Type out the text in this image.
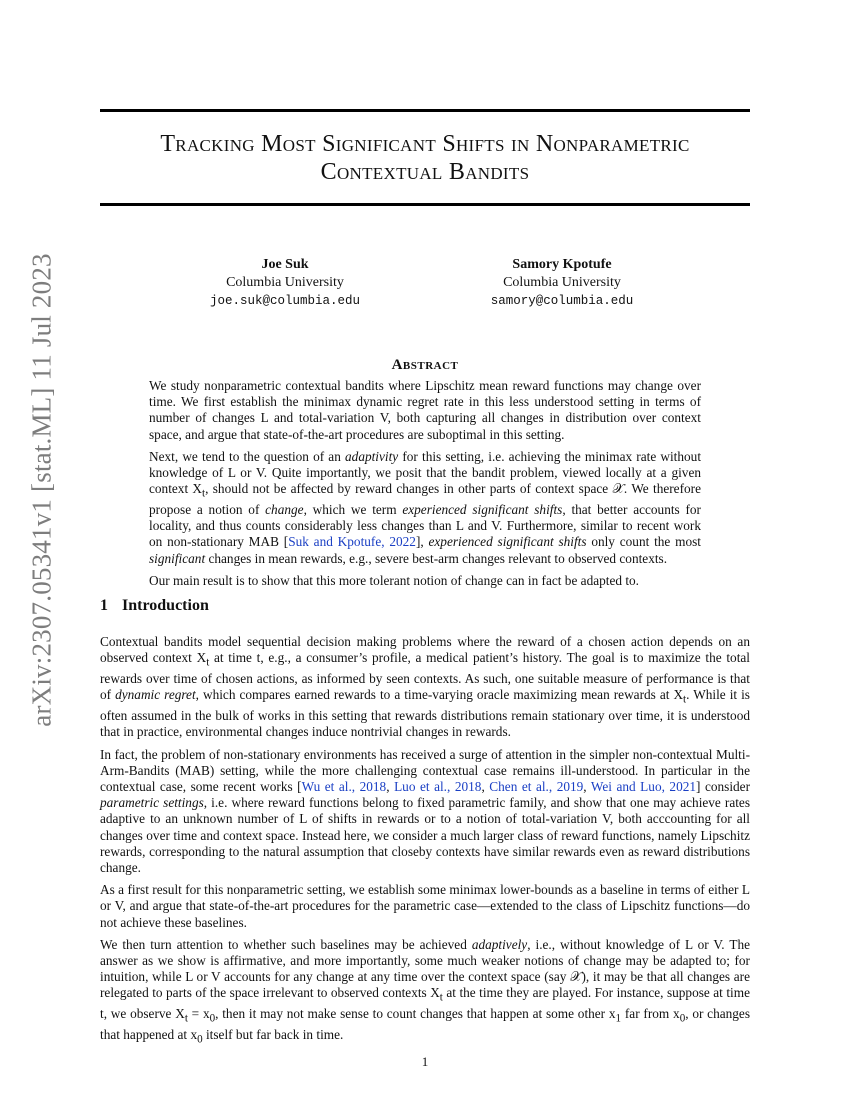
arXiv:2307.05341v1 [stat.ML] 11 Jul 2023
Tracking Most Significant Shifts in Nonparametric
Contextual Bandits
Joe Suk
Columbia University
joe.suk@columbia.edu
Samory Kpotufe
Columbia University
samory@columbia.edu
Abstract

We study nonparametric contextual bandits where Lipschitz mean reward functions may change over time. We first establish the minimax dynamic regret rate in this less understood setting in terms of number of changes L and total-variation V, both capturing all changes in distribution over context space, and argue that state-of-the-art procedures are suboptimal in this setting.

Next, we tend to the question of an adaptivity for this setting, i.e. achieving the minimax rate without knowledge of L or V. Quite importantly, we posit that the bandit problem, viewed locally at a given context $X_t$, should not be affected by reward changes in other parts of context space 𝒳. We therefore propose a notion of change, which we term experienced significant shifts, that better accounts for locality, and thus counts considerably less changes than L and V. Furthermore, similar to recent work on non-stationary MAB [Suk and Kpotufe, 2022], experienced significant shifts only count the most significant changes in mean rewards, e.g., severe best-arm changes relevant to observed contexts.

Our main result is to show that this more tolerant notion of change can in fact be adapted to.

1 Introduction

Contextual bandits model sequential decision making problems where the reward of a chosen action depends on an observed context $X_t$ at time t, e.g., a consumer’s profile, a medical patient’s history. The goal is to maximize the total rewards over time of chosen actions, as informed by seen contexts. As such, one suitable measure of performance is that of dynamic regret, which compares earned rewards to a time-varying oracle maximizing mean rewards at $X_t$. While it is often assumed in the bulk of works in this setting that rewards distributions remain stationary over time, it is understood that in practice, environmental changes induce nontrivial changes in rewards.

In fact, the problem of non-stationary environments has received a surge of attention in the simpler non-contextual Multi-Arm-Bandits (MAB) setting, while the more challenging contextual case remains ill-understood. In particular in the contextual case, some recent works [Wu et al., 2018, Luo et al., 2018, Chen et al., 2019, Wei and Luo, 2021] consider parametric settings, i.e. where reward functions belong to fixed parametric family, and show that one may achieve rates adaptive to an unknown number of L of shifts in rewards or to a notion of total-variation V, both acccounting for all changes over time and context space. Instead here, we consider a much larger class of reward functions, namely Lipschitz rewards, corresponding to the natural assumption that closeby contexts have similar rewards even as reward distributions change.

As a first result for this nonparametric setting, we establish some minimax lower-bounds as a baseline in terms of either L or V, and argue that state-of-the-art procedures for the parametric case—extended to the class of Lipschitz functions—do not achieve these baselines.

We then turn attention to whether such baselines may be achieved adaptively, i.e., without knowledge of L or V. The answer as we show is affirmative, and more importantly, some much weaker notions of change may be adapted to; for intuition, while L or V accounts for any change at any time over the context space (say 𝒳), it may be that all changes are relegated to parts of the space irrelevant to observed contexts $X_t$ at the time they are played. For instance, suppose at time t, we observe $X_t = x_0$, then it may not make sense to count changes that happen at some other $x_1$ far from $x_0$, or changes that happened at $x_0$ itself but far back in time.

1
